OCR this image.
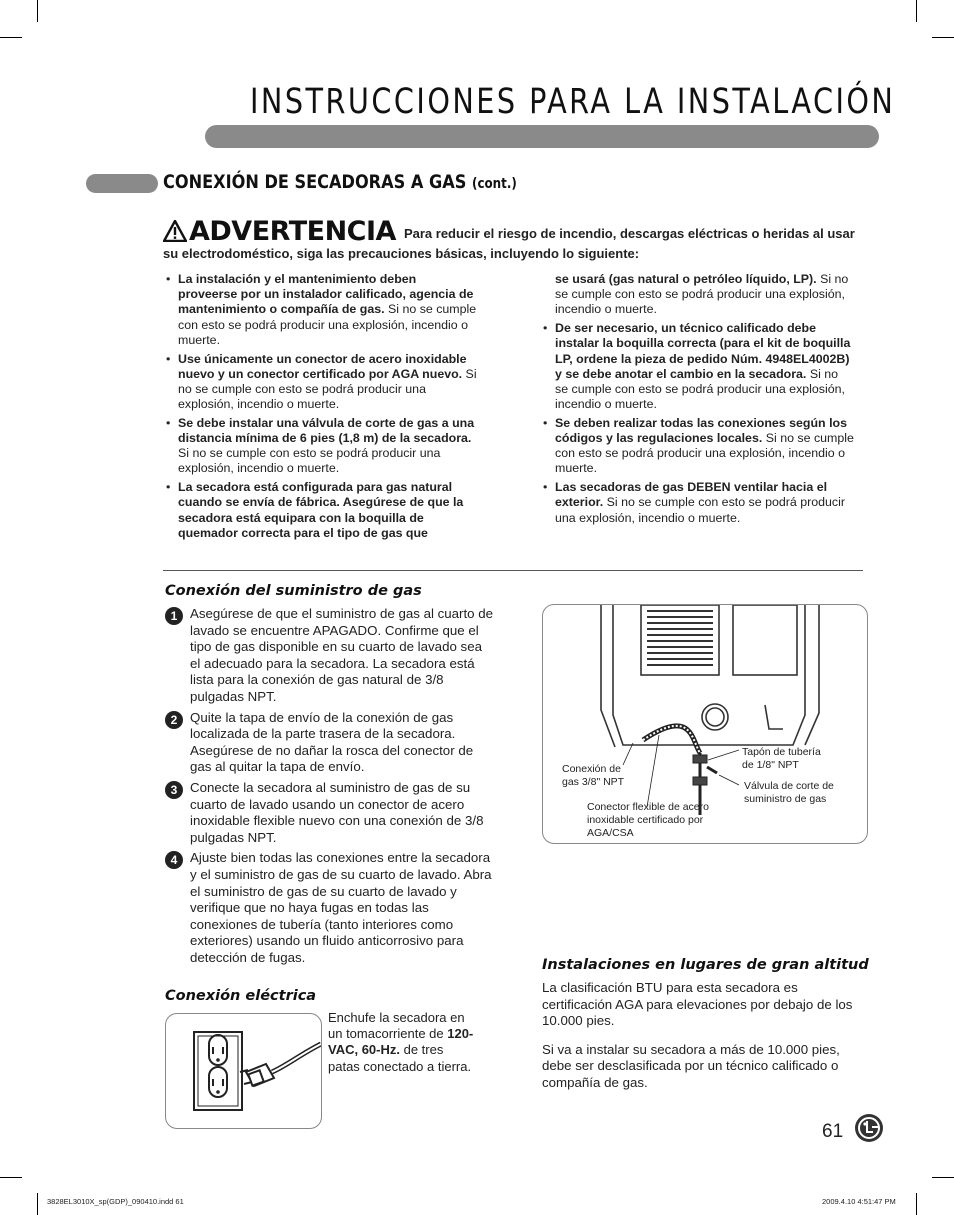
INSTRUCCIONES PARA LA INSTALACIÓN
CONEXIÓN DE SECADORAS A GAS (cont.)
ADVERTENCIA Para reducir el riesgo de incendio, descargas eléctricas o heridas al usar su electrodoméstico, siga las precauciones básicas, incluyendo lo siguiente:
• La instalación y el mantenimiento deben proveerse por un instalador calificado, agencia de mantenimiento o compañía de gas. Si no se cumple con esto se podrá producir una explosión, incendio o muerte.
• Use únicamente un conector de acero inoxidable nuevo y un conector certificado por AGA nuevo. Si no se cumple con esto se podrá producir una explosión, incendio o muerte.
• Se debe instalar una válvula de corte de gas a una distancia mínima de 6 pies (1,8 m) de la secadora. Si no se cumple con esto se podrá producir una explosión, incendio o muerte.
• La secadora está configurada para gas natural cuando se envía de fábrica. Asegúrese de que la secadora está equipara con la boquilla de quemador correcta para el tipo de gas que
se usará (gas natural o petróleo líquido, LP). Si no se cumple con esto se podrá producir una explosión, incendio o muerte.
• De ser necesario, un técnico calificado debe instalar la boquilla correcta (para el kit de boquilla LP, ordene la pieza de pedido Núm. 4948EL4002B) y se debe anotar el cambio en la secadora. Si no se cumple con esto se podrá producir una explosión, incendio o muerte.
• Se deben realizar todas las conexiones según los códigos y las regulaciones locales. Si no se cumple con esto se podrá producir una explosión, incendio o muerte.
• Las secadoras de gas DEBEN ventilar hacia el exterior. Si no se cumple con esto se podrá producir una explosión, incendio o muerte.
Conexión del suministro de gas
1 Asegúrese de que el suministro de gas al cuarto de lavado se encuentre APAGADO. Confirme que el tipo de gas disponible en su cuarto de lavado sea el adecuado para la secadora. La secadora está lista para la conexión de gas natural de 3/8 pulgadas NPT.
2 Quite la tapa de envío de la conexión de gas localizada de la parte trasera de la secadora. Asegúrese de no dañar la rosca del conector de gas al quitar la tapa de envío.
3 Conecte la secadora al suministro de gas de su cuarto de lavado usando un conector de acero inoxidable flexible nuevo con una conexión de 3/8 pulgadas NPT.
4 Ajuste bien todas las conexiones entre la secadora y el suministro de gas de su cuarto de lavado. Abra el suministro de gas de su cuarto de lavado y verifique que no haya fugas en todas las conexiones de tubería (tanto interiores como exteriores) usando un fluido anticorrosivo para detección de fugas.
Conexión de
gas 3/8" NPT
Tapón de tubería
de 1/8" NPT
Válvula de corte de
suministro de gas
Conector flexible de acero
inoxidable certificado por
AGA/CSA
Conexión eléctrica
Enchufe la secadora en un tomacorriente de 120-VAC, 60-Hz. de tres patas conectado a tierra.
Instalaciones en lugares de gran altitud

La clasificación BTU para esta secadora es certificación AGA para elevaciones por debajo de los 10.000 pies.

Si va a instalar su secadora a más de 10.000 pies, debe ser desclasificada por un técnico calificado o compañía de gas.

61
3828EL3010X_sp(GDP)_090410.indd 61	2009.4.10 4:51:47 PM
